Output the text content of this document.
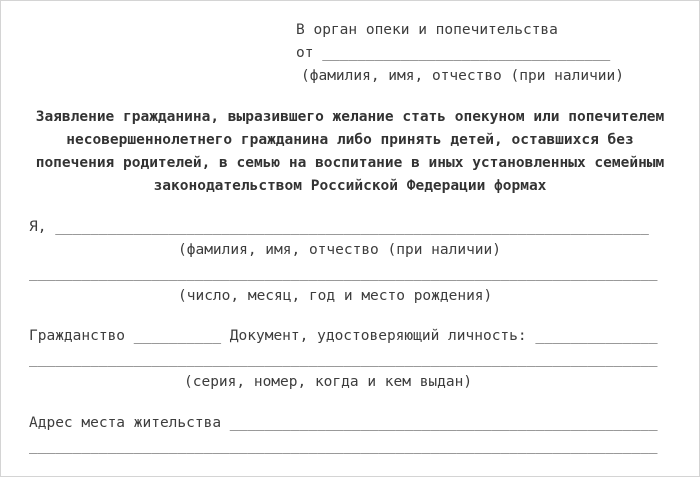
В орган опеки и попечительства
от _________________________________
(фамилия, имя, отчество (при наличии)
Заявление гражданина, выразившего желание стать опекуном или попечителем
несовершеннолетнего гражданина либо принять детей, оставшихся без
попечения родителей, в семью на воспитание в иных установленных семейным
законодательством Российской Федерации формах
Я, ____________________________________________________________________
(фамилия, имя, отчество (при наличии)
________________________________________________________________________
(число, месяц, год и место рождения)
Гражданство __________ Документ, удостоверяющий личность: ______________
________________________________________________________________________
(серия, номер, когда и кем выдан)
Адрес места жительства _________________________________________________
________________________________________________________________________
________________________________________________________________________
